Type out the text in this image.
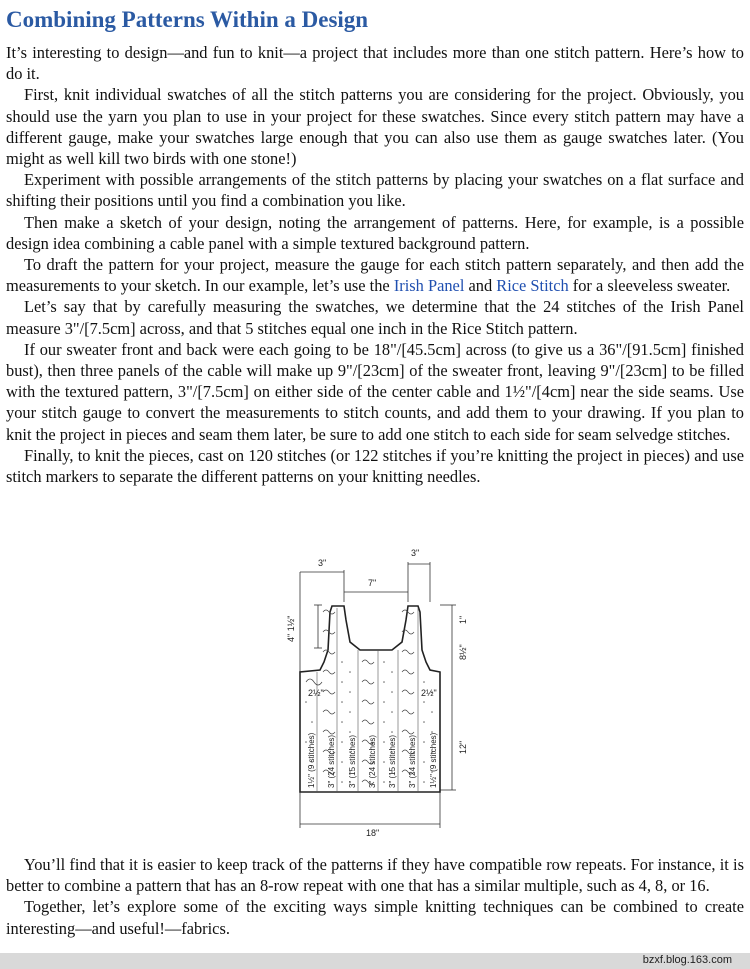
Combining Patterns Within a Design

It’s interesting to design—and fun to knit—a project that includes more than one stitch pattern. Here’s how to do it.

First, knit individual swatches of all the stitch patterns you are considering for the project. Obviously, you should use the yarn you plan to use in your project for these swatches. Since every stitch pattern may have a different gauge, make your swatches large enough that you can also use them as gauge swatches later. (You might as well kill two birds with one stone!)

Experiment with possible arrangements of the stitch patterns by placing your swatches on a flat surface and shifting their positions until you find a combination you like.

Then make a sketch of your design, noting the arrangement of patterns. Here, for example, is a possible design idea combining a cable panel with a simple textured background pattern.

To draft the pattern for your project, measure the gauge for each stitch pattern separately, and then add the measurements to your sketch. In our example, let’s use the Irish Panel and Rice Stitch for a sleeveless sweater.

Let’s say that by carefully measuring the swatches, we determine that the 24 stitches of the Irish Panel measure 3"/[7.5cm] across, and that 5 stitches equal one inch in the Rice Stitch pattern.

If our sweater front and back were each going to be 18"/[45.5cm] across (to give us a 36"/[91.5cm] finished bust), then three panels of the cable will make up 9"/[23cm] of the sweater front, leaving 9"/[23cm] to be filled with the textured pattern, 3"/[7.5cm] on either side of the center cable and 1½"/[4cm] near the side seams. Use your stitch gauge to convert the measurements to stitch counts, and add them to your drawing. If you plan to knit the project in pieces and seam them later, be sure to add one stitch to each side for seam selvedge stitches.

Finally, to knit the pieces, cast on 120 stitches (or 122 stitches if you’re knitting the project in pieces) and use stitch markers to separate the different patterns on your knitting needles.

3"
3"
7"
4" 1½"	1"
8½"
12"
18"
2½"	2½"
1½" (9 stitches) 3" (24 stitches) 3" (15 stitches) 3" (24 stitches) 3" (15 stitches) 3" (24 stitches) 1½" (9 stitches)

You’ll find that it is easier to keep track of the patterns if they have compatible row repeats. For instance, it is better to combine a pattern that has an 8-row repeat with one that has a similar multiple, such as 4, 8, or 16.

Together, let’s explore some of the exciting ways simple knitting techniques can be combined to create interesting—and useful!—fabrics.

bzxf.blog.163.com
